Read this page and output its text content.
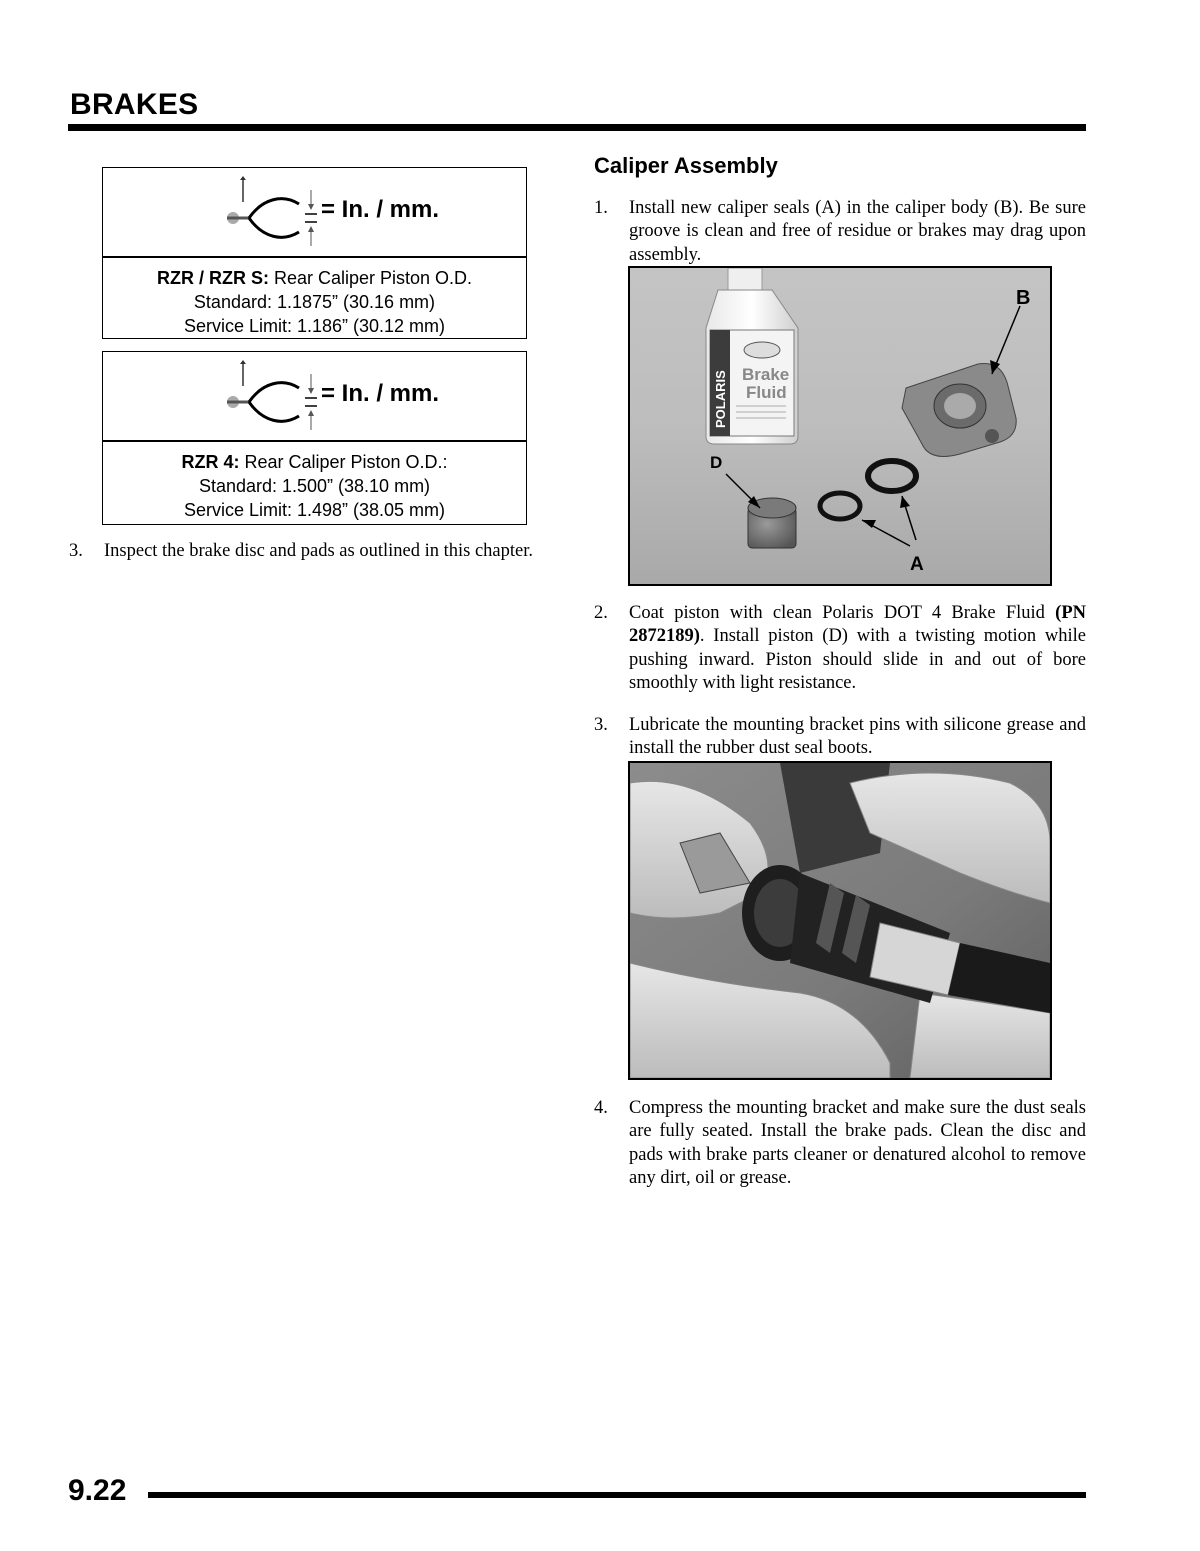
BRAKES
= In. / mm.
RZR / RZR S: Rear Caliper Piston O.D.
Standard: 1.1875” (30.16 mm)
Service Limit: 1.186” (30.12 mm)
= In. / mm.
RZR 4: Rear Caliper Piston O.D.:
Standard: 1.500” (38.10 mm)
Service Limit: 1.498” (38.05 mm)
3. Inspect the brake disc and pads as outlined in this chapter.
Caliper Assembly
1. Install new caliper seals (A) in the caliper body (B). Be sure groove is clean and free of residue or brakes may drag upon assembly.
POLARIS Brake
Fluid
B
D
A
2. Coat piston with clean Polaris DOT 4 Brake Fluid (PN 2872189). Install piston (D) with a twisting motion while pushing inward. Piston should slide in and out of bore smoothly with light resistance.
3. Lubricate the mounting bracket pins with silicone grease and install the rubber dust seal boots.
4. Compress the mounting bracket and make sure the dust seals are fully seated. Install the brake pads. Clean the disc and pads with brake parts cleaner or denatured alcohol to remove any dirt, oil or grease.
9.22
